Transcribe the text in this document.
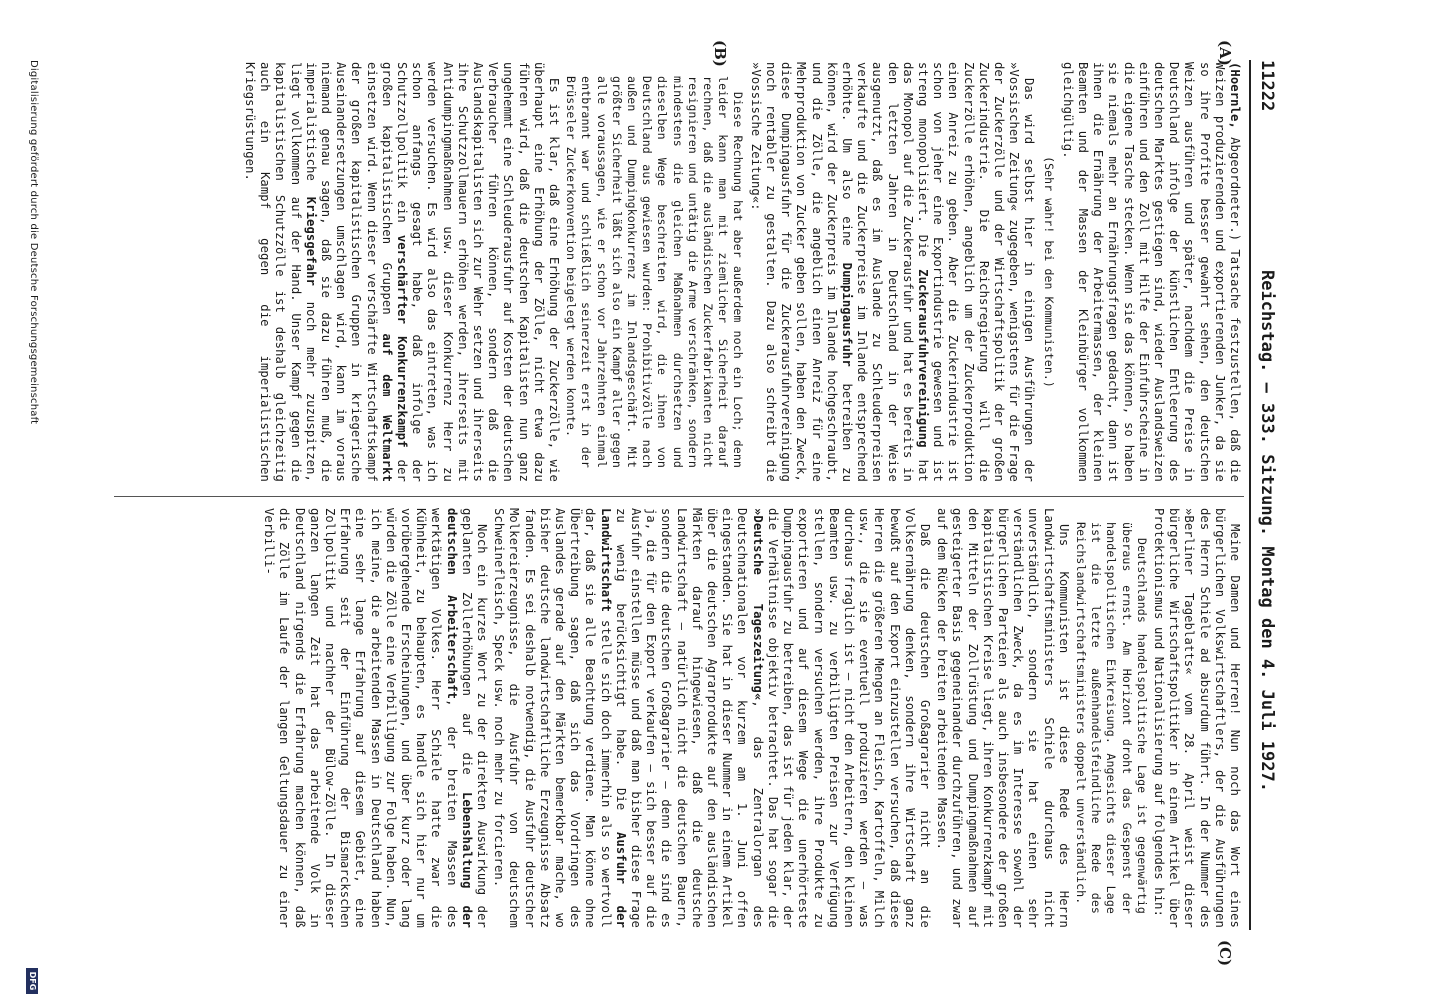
11222
Reichstag. — 333. Sitzung. Montag den 4. Juli 1927.
(A)
(B)
(C)

(Hoernle, Abgeordneter.) Tatsache festzustellen, daß die Weizen produzierenden und exportierenden Junker, da sie so ihre Profite besser gewahrt sehen, den deutschen Weizen ausführen und später, nachdem die Preise in Deutschland infolge der künstlichen Entleerung des deutschen Marktes gestiegen sind, wieder Auslandsweizen einführen und den Zoll mit Hilfe der Einfuhrscheine in die eigene Tasche stecken. Wenn sie das können, so haben sie niemals mehr an Ernährungsfragen gedacht, dann ist ihnen die Ernährung der Arbeitermassen, der kleinen Beamten und der Massen der Kleinbürger vollkommen gleichgültig.

(Sehr wahr! bei den Kommunisten.)

Das wird selbst hier in einigen Ausführungen der »Vossischen Zeitung« zugegeben, wenigstens für die Frage der Zuckerzölle und der Wirtschaftspolitik der großen Zuckerindustrie. Die Reichsregierung will die Zuckerzölle erhöhen, angeblich um der Zuckerproduktion einen Anreiz zu geben. Aber die Zuckerindustrie ist schon von jeher eine Exportindustrie gewesen und ist streng monopolisiert. Die Zuckerausfuhrvereinigung hat das Monopol auf die Zuckerausfuhr und hat es bereits in den letzten Jahren in Deutschland in der Weise ausgenutzt, daß es im Auslande zu Schleuderpreisen verkaufte und die Zuckerpreise im Inlande entsprechend erhöhte. Um also eine Dumpingausfuhr betreiben zu können, wird der Zuckerpreis im Inlande hochgeschraubt, und die Zölle, die angeblich einen Anreiz für eine Mehrproduktion von Zucker geben sollen, haben den Zweck, diese Dumpingausfuhr für die Zuckerausfuhrvereinigung noch rentabler zu gestalten. Dazu also schreibt die »Vossische Zeitung«:

Diese Rechnung hat aber außerdem noch ein Loch; denn leider kann man mit ziemlicher Sicherheit darauf rechnen, daß die ausländischen Zuckerfabrikanten nicht resignieren und untätig die Arme verschränken, sondern mindestens die gleichen Maßnahmen durchsetzen und dieselben Wege beschreiten wird, die ihnen von Deutschland aus gewiesen wurden: Prohibitivzölle nach außen und Dumpingkonkurrenz im Inlandsgeschäft. Mit größter Sicherheit läßt sich also ein Kampf aller gegen alle voraussagen, wie er schon vor Jahrzehnten einmal entbrannt war und schließlich seinerzeit erst in der Brüsseler Zuckerkonvention beigelegt werden konnte.

Es ist klar, daß eine Erhöhung der Zuckerzölle, wie überhaupt eine Erhöhung der Zölle, nicht etwa dazu führen wird, daß die deutschen Kapitalisten nun ganz ungehemmt eine Schleuderausfuhr auf Kosten der deutschen Verbraucher führen können, sondern daß die Auslandskapitalisten sich zur Wehr setzen und ihrerseits ihre Schutzzollmauern erhöhen werden, ihrerseits mit Antidumpingmaßnahmen usw. dieser Konkurrenz Herr zu werden versuchen. Es wird also das eintreten, was ich schon anfangs gesagt habe, daß infolge der Schutzzollpolitik ein verschärfter Konkurrenzkampf der großen kapitalistischen Gruppen auf dem Weltmarkt einsetzen wird. Wenn dieser verschärfte Wirtschaftskampf der großen kapitalistischen Gruppen in kriegerische Auseinandersetzungen umschlagen wird, kann im voraus niemand genau sagen, daß sie dazu führen muß, die imperialistische Kriegsgefahr noch mehr zuzuspitzen, liegt vollkommen auf der Hand. Unser Kampf gegen die kapitalistischen Schutzzölle ist deshalb gleichzeitig auch ein Kampf gegen die imperialistischen Kriegsrüstungen.

Meine Damen und Herren! Nun noch das Wort eines bürgerlichen Volkswirtschaftlers, der die Ausführungen des Herrn Schiele ad absurdum führt. In der Nummer des »Berliner Tageblatts« vom 28. April weist dieser bürgerliche Wirtschaftspolitiker in einem Artikel über Protektionismus und Nationalisierung auf folgendes hin:

Deutschlands handelspolitische Lage ist gegenwärtig überaus ernst. Am Horizont droht das Gespenst der handelspolitischen Einkreisung. Angesichts dieser Lage ist die letzte außenhandelsfeindliche Rede des Reichslandwirtschaftsministers doppelt unverständlich.

Uns Kommunisten ist diese Rede des Herrn Landwirtschaftsministers Schiele durchaus nicht unverständlich, sondern sie hat einen sehr verständlichen Zweck, da es im Interesse sowohl der bürgerlichen Parteien als auch insbesondere der großen kapitalistischen Kreise liegt, ihren Konkurrenzkampf mit den Mitteln der Zollrüstung und Dumpingmaßnahmen auf gesteigerter Basis gegeneinander durchzuführen, und zwar auf dem Rücken der breiten arbeitenden Massen.

Daß die deutschen Großagrarier nicht an die Volksernährung denken, sondern ihre Wirtschaft ganz bewußt auf den Export einzustellen versuchen, daß diese Herren die größeren Mengen an Fleisch, Kartoffeln, Milch usw., die sie eventuell produzieren werden — was durchaus fraglich ist — nicht den Arbeitern, den kleinen Beamten usw. zu verbilligten Preisen zur Verfügung stellen, sondern versuchen werden, ihre Produkte zu exportieren und auf diesem Wege die unerhörteste Dumpingausfuhr zu betreiben, das ist für jeden klar, der die Verhältnisse objektiv betrachtet. Das hat sogar die »Deutsche Tageszeitung«, das Zentralorgan des Deutschnationalen vor kurzem am 1. Juni offen eingestanden. Sie hat in dieser Nummer in einem Artikel über die deutschen Agrarprodukte auf den ausländischen Märkten darauf hingewiesen, daß die deutsche Landwirtschaft — natürlich nicht die deutschen Bauern, sondern die deutschen Großagrarier — denn die sind es ja, die für den Export verkaufen — sich besser auf die Ausfuhr einstellen müsse und daß man bisher diese Frage zu wenig berücksichtigt habe. Die Ausfuhr der Landwirtschaft stelle sich doch immerhin als so wertvoll dar, daß sie alle Beachtung verdiene. Man könne ohne Übertreibung sagen, daß sich das Vordringen des Auslandes gerade auf den Märkten bemerkbar mache, wo bisher deutsche landwirtschaftliche Erzeugnisse Absatz fanden. Es sei deshalb notwendig, die Ausfuhr deutscher Molkereierzeugnisse, die Ausfuhr von deutschem Schweinefleisch, Speck usw. noch mehr zu forcieren.

Noch ein kurzes Wort zu der direkten Auswirkung der geplanten Zollerhöhungen auf die Lebenshaltung der deutschen Arbeiterschaft, der breiten Massen des werktätigen Volkes. Herr Schiele hatte zwar die Kühnheit, zu behaupten, es handle sich hier nur um vorübergehende Erscheinungen, und über kurz oder lang würden die Zölle eine Verbilligung zur Folge haben. Nun, ich meine, die arbeitenden Massen in Deutschland haben eine sehr lange Erfahrung auf diesem Gebiet, eine Erfahrung seit der Einführung der Bismarckschen Zollpolitik und nachher der Bülow-Zölle. In dieser ganzen langen Zeit hat das arbeitende Volk in Deutschland nirgends die Erfahrung machen können, daß die Zölle im Laufe der langen Geltungsdauer zu einer Verbilli-

Digitalisierung gefördert durch die Deutsche Forschungsgemeinschaft
DFG
